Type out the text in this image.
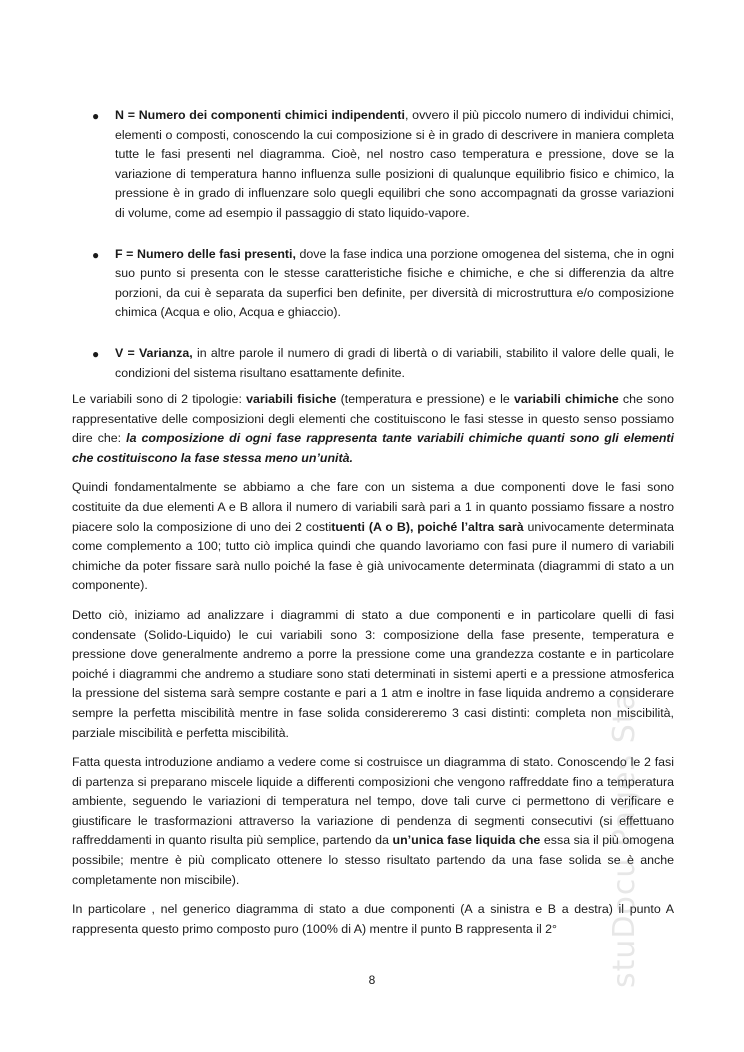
● N = Numero dei componenti chimici indipendenti, ovvero il più piccolo numero di individui chimici, elementi o composti, conoscendo la cui composizione si è in grado di descrivere in maniera completa tutte le fasi presenti nel diagramma. Cioè, nel nostro caso temperatura e pressione, dove se la variazione di temperatura hanno influenza sulle posizioni di qualunque equilibrio fisico e chimico, la pressione è in grado di influenzare solo quegli equilibri che sono accompagnati da grosse variazioni di volume, come ad esempio il passaggio di stato liquido-vapore.
● F = Numero delle fasi presenti, dove la fase indica una porzione omogenea del sistema, che in ogni suo punto si presenta con le stesse caratteristiche fisiche e chimiche, e che si differenzia da altre porzioni, da cui è separata da superfici ben definite, per diversità di microstruttura e/o composizione chimica (Acqua e olio, Acqua e ghiaccio).
● V = Varianza, in altre parole il numero di gradi di libertà o di variabili, stabilito il valore delle quali, le condizioni del sistema risultano esattamente definite.

Le variabili sono di 2 tipologie: variabili fisiche (temperatura e pressione) e le variabili chimiche che sono rappresentative delle composizioni degli elementi che costituiscono le fasi stesse in questo senso possiamo dire che: la composizione di ogni fase rappresenta tante variabili chimiche quanti sono gli elementi che costituiscono la fase stessa meno un’unità.

Quindi fondamentalmente se abbiamo a che fare con un sistema a due componenti dove le fasi sono costituite da due elementi A e B allora il numero di variabili sarà pari a 1 in quanto possiamo fissare a nostro piacere solo la composizione di uno dei 2 costituenti (A o B), poiché l’altra sarà univocamente determinata come complemento a 100; tutto ciò implica quindi che quando lavoriamo con fasi pure il numero di variabili chimiche da poter fissare sarà nullo poiché la fase è già univocamente determinata (diagrammi di stato a un componente).

Detto ciò, iniziamo ad analizzare i diagrammi di stato a due componenti e in particolare quelli di fasi condensate (Solido-Liquido) le cui variabili sono 3: composizione della fase presente, temperatura e pressione dove generalmente andremo a porre la pressione come una grandezza costante e in particolare poiché i diagrammi che andremo a studiare sono stati determinati in sistemi aperti e a pressione atmosferica la pressione del sistema sarà sempre costante e pari a 1 atm e inoltre in fase liquida andremo a considerare sempre la perfetta miscibilità mentre in fase solida considereremo 3 casi distinti: completa non miscibilità, parziale miscibilità e perfetta miscibilità.

Fatta questa introduzione andiamo a vedere come si costruisce un diagramma di stato. Conoscendo le 2 fasi di partenza si preparano miscele liquide a differenti composizioni che vengono raffreddate fino a temperatura ambiente, seguendo le variazioni di temperatura nel tempo, dove tali curve ci permettono di verificare e giustificare le trasformazioni attraverso la variazione di pendenza di segmenti consecutivi (si effettuano raffreddamenti in quanto risulta più semplice, partendo da un’unica fase liquida che essa sia il più omogena possibile; mentre è più complicato ottenere lo stesso risultato partendo da una fase solida se è anche completamente non miscibile).

In particolare , nel generico diagramma di stato a due componenti (A a sinistra e B a destra) il punto A rappresenta questo primo composto puro (100% di A) mentre il punto B rappresenta il 2°

8	stuDocu Pages Sta
